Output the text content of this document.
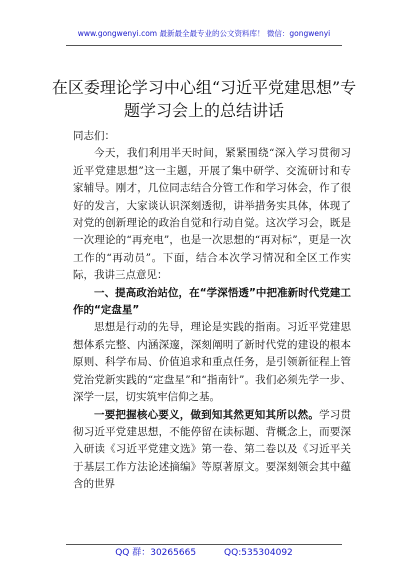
www.gongwenyi.com 最新最全最专业的公文资料库！ 微信：gongwenyi
在区委理论学习中心组“习近平党建思想”专
题学习会上的总结讲话

同志们：

今天，我们利用半天时间，紧紧围绕“深入学习贯彻习近平党建思想”这一主题，开展了集中研学、交流研讨和专家辅导。刚才，几位同志结合分管工作和学习体会，作了很好的发言，大家谈认识深刻透彻，讲举措务实具体，体现了对党的创新理论的政治自觉和行动自觉。这次学习会，既是一次理论的“再充电”，也是一次思想的“再对标”，更是一次工作的“再动员”。下面，结合本次学习情况和全区工作实际，我讲三点意见：

一、提高政治站位，在“学深悟透”中把准新时代党建工作的“定盘星”

思想是行动的先导，理论是实践的指南。习近平党建思想体系完整、内涵深邃，深刻阐明了新时代党的建设的根本原则、科学布局、价值追求和重点任务，是引领新征程上管党治党新实践的“定盘星”和“指南针”。我们必须先学一步、深学一层，切实筑牢信仰之基。

一要把握核心要义，做到知其然更知其所以然。学习贯彻习近平党建思想，不能停留在读标题、背概念上，而要深入研读《习近平党建文选》第一卷、第二卷以及《习近平关于基层工作方法论述摘编》等原著原文。要深刻领会其中蕴含的世界

QQ 群：30265665	QQ:535304092
